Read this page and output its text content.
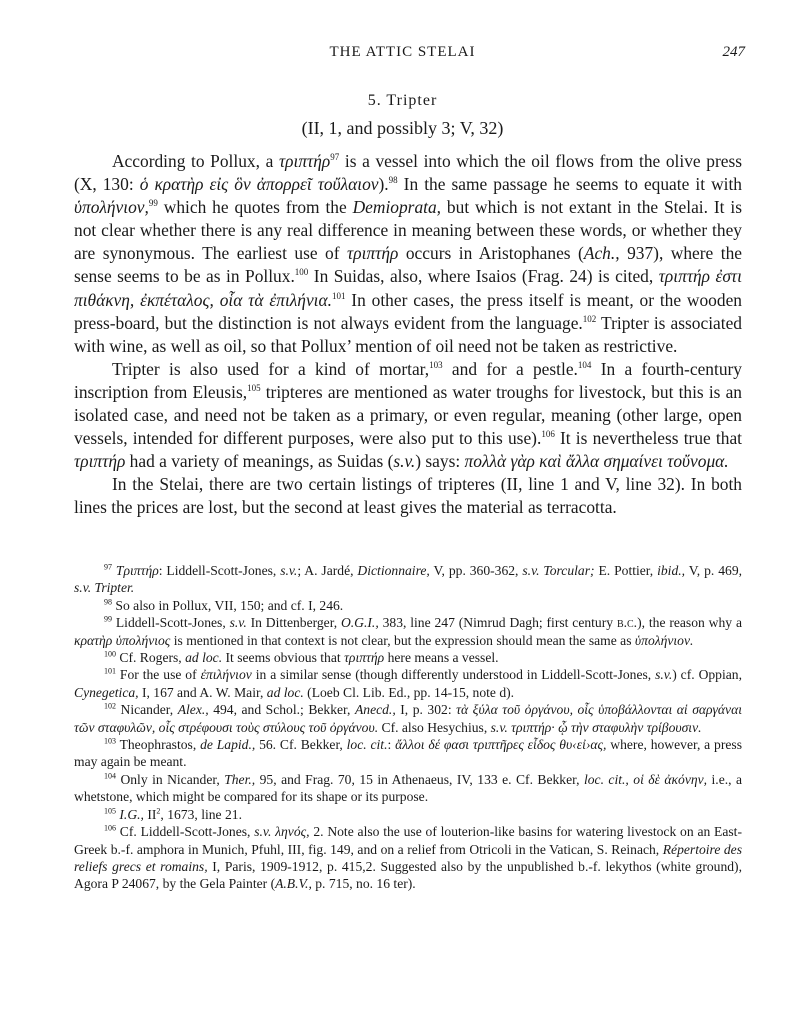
THE ATTIC STELAI	247
5. Tripter
(II, 1, and possibly 3; V, 32)

According to Pollux, a τριπτήρ$^{97}$ is a vessel into which the oil flows from the olive press (X, 130: ὁ κρατὴρ εἰς ὃν ἀπορρεῖ τοὔλαιον).$^{98}$ In the same passage he seems to equate it with ὑπολήνιον,$^{99}$ which he quotes from the Demioprata, but which is not extant in the Stelai. It is not clear whether there is any real difference in meaning between these words, or whether they are synonymous. The earliest use of τριπτήρ occurs in Aristophanes (Ach., 937), where the sense seems to be as in Pollux.$^{100}$ In Suidas, also, where Isaios (Frag. 24) is cited, τριπτήρ ἐστι πιθάκνη, ἐκπέταλος, οἷα τὰ ἐπιλήνια.$^{101}$ In other cases, the press itself is meant, or the wooden press-board, but the distinction is not always evident from the language.$^{102}$ Tripter is associated with wine, as well as oil, so that Pollux’ mention of oil need not be taken as restrictive.

Tripter is also used for a kind of mortar,$^{103}$ and for a pestle.$^{104}$ In a fourth-century inscription from Eleusis,$^{105}$ tripteres are mentioned as water troughs for livestock, but this is an isolated case, and need not be taken as a primary, or even regular, meaning (other large, open vessels, intended for different purposes, were also put to this use).$^{106}$ It is nevertheless true that τριπτήρ had a variety of meanings, as Suidas (s.v.) says: πολλὰ γὰρ καὶ ἄλλα σημαίνει τοὔνομα.

In the Stelai, there are two certain listings of tripteres (II, line 1 and V, line 32). In both lines the prices are lost, but the second at least gives the material as terracotta.

$^{97}$ Τριπτήρ: Liddell-Scott-Jones, s.v.; A. Jardé, Dictionnaire, V, pp. 360-362, s.v. Torcular; E. Pottier, ibid., V, p. 469, s.v. Tripter.

$^{98}$ So also in Pollux, VII, 150; and cf. I, 246.

$^{99}$ Liddell-Scott-Jones, s.v. In Dittenberger, O.G.I., 383, line 247 (Nimrud Dagh; first century b.c.), the reason why a κρατὴρ ὑπολήνιος is mentioned in that context is not clear, but the expression should mean the same as ὑπολήνιον.

$^{100}$ Cf. Rogers, ad loc. It seems obvious that τριπτήρ here means a vessel.

$^{101}$ For the use of ἐπιλήνιον in a similar sense (though differently understood in Liddell-Scott-Jones, s.v.) cf. Oppian, Cynegetica, I, 167 and A. W. Mair, ad loc. (Loeb Cl. Lib. Ed., pp. 14-15, note d).

$^{102}$ Nicander, Alex., 494, and Schol.; Bekker, Anecd., I, p. 302: τὰ ξύλα τοῦ ὀργάνου, οἷς ὑποβάλλονται αἱ σαργάναι τῶν σταφυλῶν, οἷς στρέφουσι τοὺς στύλους τοῦ ὀργάνου. Cf. also Hesychius, s.v. τριπτήρ· ᾧ τὴν σταφυλὴν τρίβουσιν.

$^{103}$ Theophrastos, de Lapid., 56. Cf. Bekker, loc. cit.: ἄλλοι δέ φασι τριπτῆρες εἶδος θυ‹εἰ›ας, where, however, a press may again be meant.

$^{104}$ Only in Nicander, Ther., 95, and Frag. 70, 15 in Athenaeus, IV, 133 e. Cf. Bekker, loc. cit., οἱ δὲ ἀκόνην, i.e., a whetstone, which might be compared for its shape or its purpose.

$^{105}$ I.G., $II^2$, 1673, line 21.

$^{106}$ Cf. Liddell-Scott-Jones, s.v. ληνός, 2. Note also the use of louterion-like basins for watering livestock on an East-Greek b.-f. amphora in Munich, Pfuhl, III, fig. 149, and on a relief from Otricoli in the Vatican, S. Reinach, Répertoire des reliefs grecs et romains, I, Paris, 1909-1912, p. 415,2. Suggested also by the unpublished b.-f. lekythos (white ground), Agora P 24067, by the Gela Painter (A.B.V., p. 715, no. 16 ter).
